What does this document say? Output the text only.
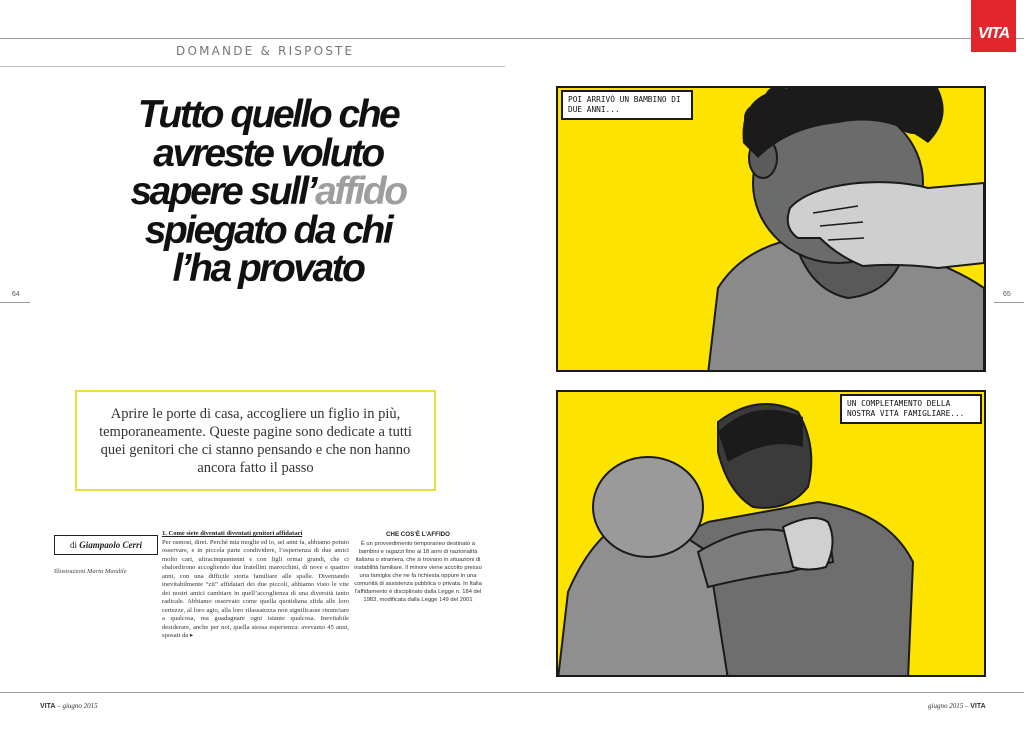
VITA
DOMANDE & RISPOSTE
Tutto quello che avreste voluto sapere sull’affido spiegato da chi l’ha provato
64	65
Aprire le porte di casa, accogliere un figlio in più, temporaneamente. Queste pagine sono dedicate a tutti quei genitori che ci stanno pensando e che non hanno ancora fatto il passo
di
Giampaolo Cerri
Illustrazioni Marta Mandile
1. Come siete diventati diventati genitori affidatari
Per osmosi, direi. Perché mia moglie ed io, sei anni fa, abbiamo potuto osservare, e in piccola parte condividere, l’esperienza di due amici molto cari, ultracinquantenni e con figli ormai grandi, che ci sbalordirono accogliendo due fratellini marocchini, di nove e quattro anni, con una difficile storia familiare alle spalle. Diventando inevitabilmente “zii” affidatari dei due piccoli, abbiamo visto le vite dei nostri amici cambiare in quell’accoglienza di una diversità tanto radicale. Abbiamo osservato come quella quotidiana sfida alle loro certezze, al loro agio, alla loro rilassatezza non significasse rinunciare a qualcosa, ma guadagnare ogni istante qualcosa. Inevitabile desiderare, anche per noi, quella stessa esperienza: avevamo 45 anni, sposati da ▸
CHE COS’È L’AFFIDO
È un provvedimento temporaneo destinato a bambini e ragazzi fino ai 18 anni di nazionalità italiana o straniera, che si trovano in situazioni di instabilità familiare. Il minore viene accolto presso una famiglia che ne fa richiesta oppure in una comunità di assistenza pubblica o privata. In Italia l’affidamento è disciplinato dalla Legge n. 184 del 1983, modificata dalla Legge 149 del 2001
VITA – giugno 2015	giugno 2015 – VITA
POI ARRIVÒ UN BAMBINO DI DUE ANNI...
UN COMPLETAMENTO DELLA NOSTRA VITA FAMIGLIARE...
